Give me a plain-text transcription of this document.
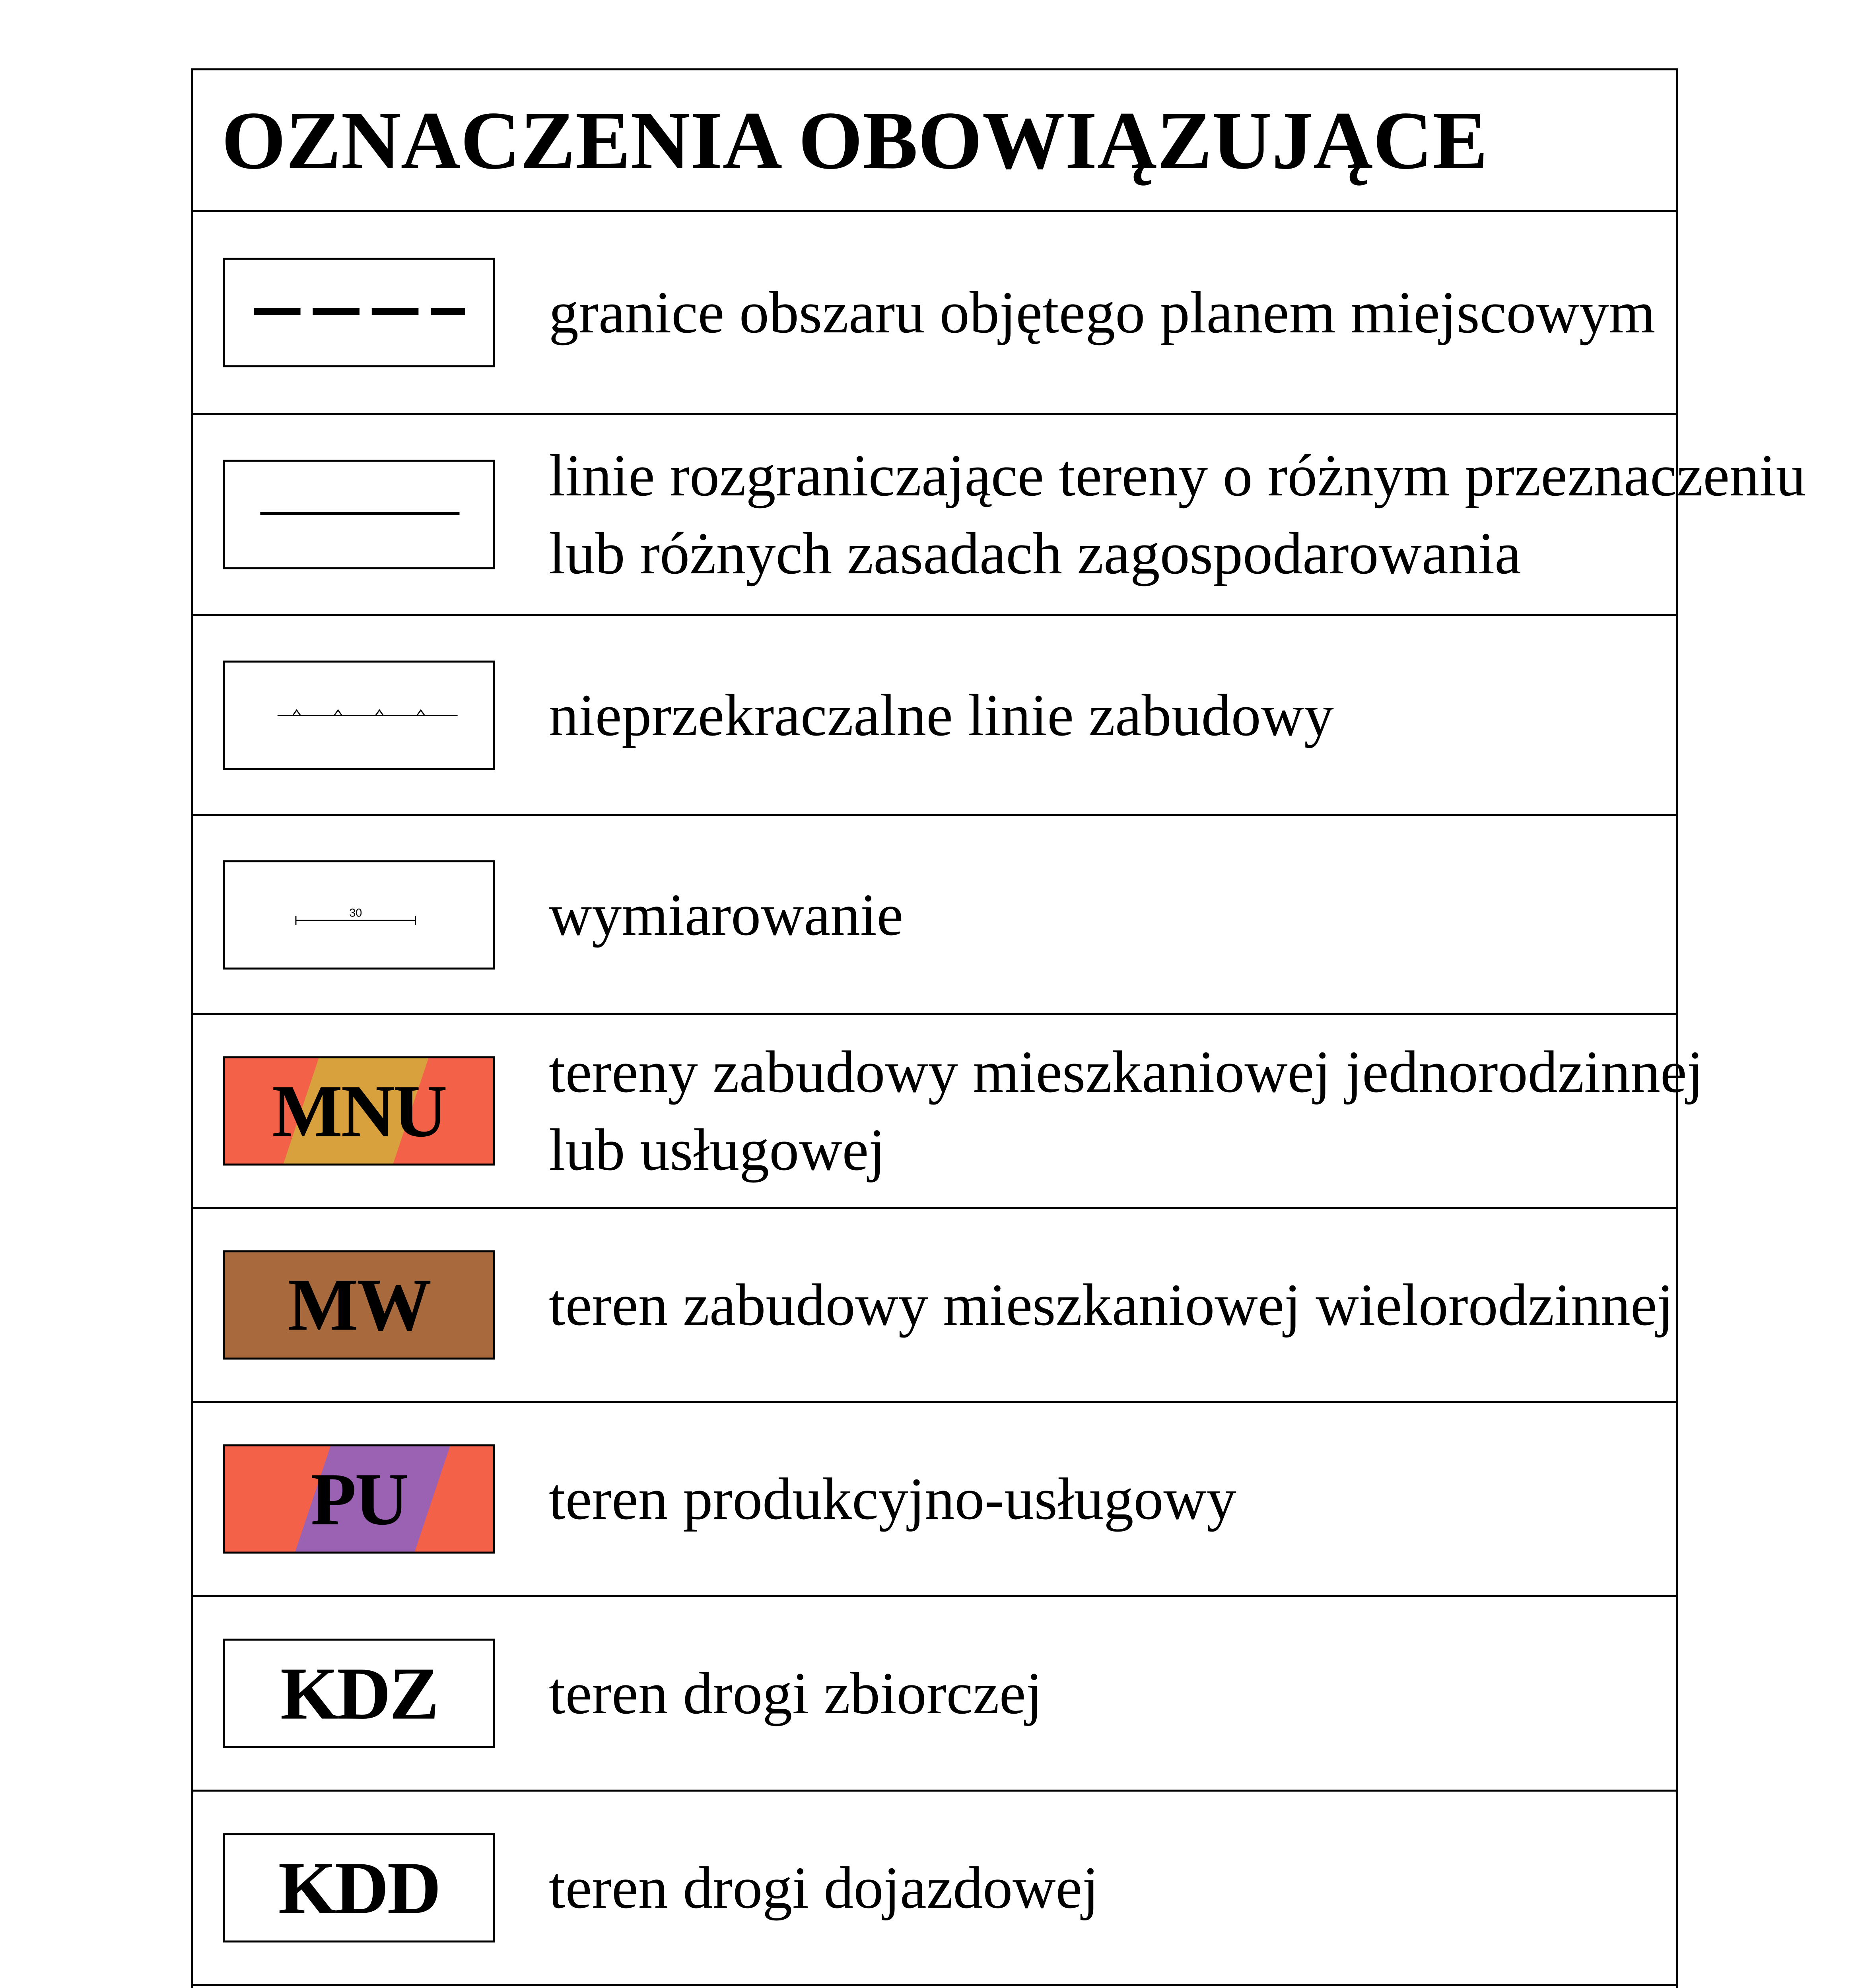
OZNACZENIA OBOWIĄZUJĄCE
granice obszaru objętego planem miejscowym
linie rozgraniczające tereny o różnym przeznaczeniu
lub różnych zasadach zagospodarowania
nieprzekraczalne linie zabudowy
30	wymiarowanie
MNU	tereny zabudowy mieszkaniowej jednorodzinnej
lub usługowej
MW	teren zabudowy mieszkaniowej wielorodzinnej
PU	teren produkcyjno-usługowy
KDZ	teren drogi zbiorczej
KDD	teren drogi dojazdowej
